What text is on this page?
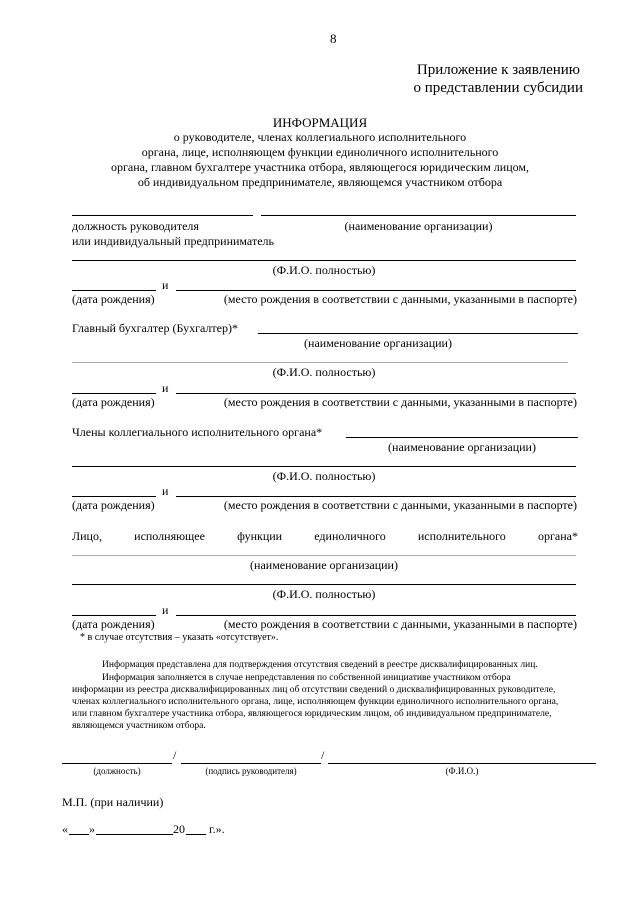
8
Приложение к заявлению
о представлении субсидии
ИНФОРМАЦИЯ
о руководителе, членах коллегиального исполнительного
органа, лице, исполняющем функции единоличного исполнительного
органа, главном бухгалтере участника отбора, являющегося юридическим лицом,
об индивидуальном предпринимателе, являющемся участником отбора
должность руководителя	(наименование организации)
или индивидуальный предприниматель
(Ф.И.О. полностью)
и
(дата рождения)	(место рождения в соответствии с данными, указанными в паспорте)
Главный бухгалтер (Бухгалтер)*
(наименование организации)
(Ф.И.О. полностью)
и
(дата рождения)	(место рождения в соответствии с данными, указанными в паспорте)
Члены коллегиального исполнительного органа*
(наименование организации)
(Ф.И.О. полностью)
и
(дата рождения)	(место рождения в соответствии с данными, указанными в паспорте)
Лицо,	исполняющее	функции	единоличного	исполнительного	органа*
(наименование организации)
(Ф.И.О. полностью)
и
(дата рождения)	(место рождения в соответствии с данными, указанными в паспорте)
* в случае отсутствия – указать «отсутствует».
Информация представлена для подтверждения отсутствия сведений в реестре дисквалифицированных лиц.
Информация заполняется в случае непредставления по собственной инициативе участником отбора
информации из реестра дисквалифицированных лиц об отсутствии сведений о дисквалифицированных руководителе,
членах коллегиального исполнительного органа, лице, исполняющем функции единоличного исполнительного органа,
или главном бухгалтере участника отбора, являющегося юридическим лицом, об индивидуальном предпринимателе,
являющемся участником отбора.
/	/
(должность)	(подпись руководителя)	(Ф.И.О.)
М.П. (при наличии)
« »	20 г.».
